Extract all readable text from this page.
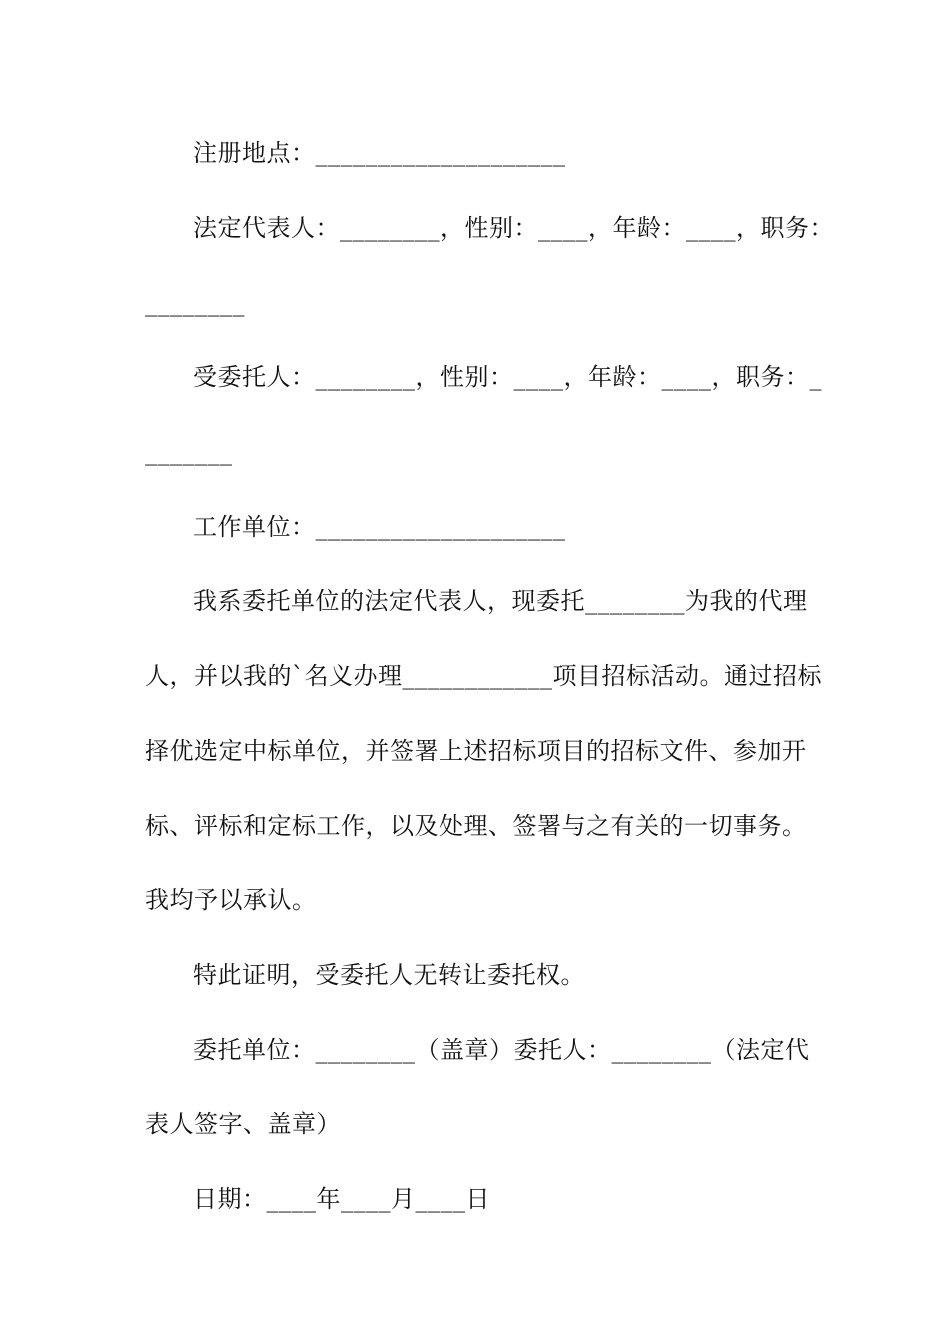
注册地点：____________________
法定代表人：________，性别：____，年龄：____，职务：
________
受委托人：________，性别：____，年龄：____，职务：_
_______
工作单位：____________________
我系委托单位的法定代表人，现委托________为我的代理
人，并以我的`名义办理____________项目招标活动。通过招标
择优选定中标单位，并签署上述招标项目的招标文件、参加开
标、评标和定标工作，以及处理、签署与之有关的一切事务。
我均予以承认。
特此证明，受委托人无转让委托权。
委托单位：________（盖章）委托人：________（法定代
表人签字、盖章）
日期：____年____月____日
